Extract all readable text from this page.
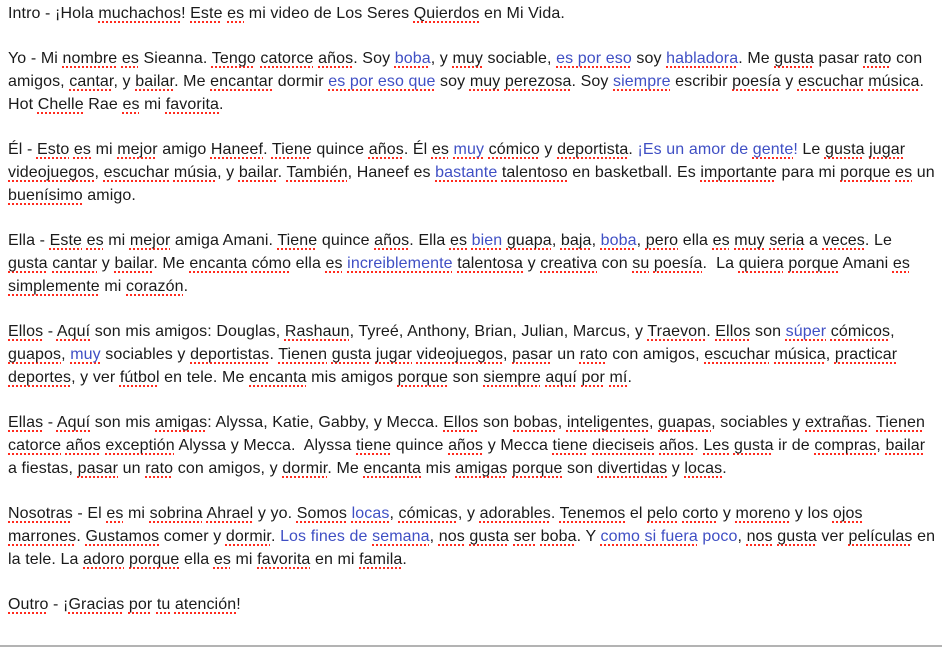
Intro - ¡Hola muchachos! Este es mi video de Los Seres Quierdos en Mi Vida.

Yo - Mi nombre es Sieanna. Tengo catorce años. Soy boba, y muy sociable, es por eso soy habladora. Me gusta pasar rato con amigos, cantar, y bailar. Me encantar dormir es por eso que soy muy perezosa. Soy siempre escribir poesía y escuchar música. Hot Chelle Rae es mi favorita.

Él - Esto es mi mejor amigo Haneef. Tiene quince años. Él es muy cómico y deportista. ¡Es un amor de gente! Le gusta jugar videojuegos, escuchar músia, y bailar. También, Haneef es bastante talentoso en basketball. Es importante para mi porque es un buenísimo amigo.

Ella - Este es mi mejor amiga Amani. Tiene quince años. Ella es bien guapa, baja, boba, pero ella es muy seria a veces. Le gusta cantar y bailar. Me encanta cómo ella es increiblemente talentosa y creativa con su poesía.  La quiera porque Amani es simplemente mi corazón.

Ellos - Aquí son mis amigos: Douglas, Rashaun, Tyreé, Anthony, Brian, Julian, Marcus, y Traevon. Ellos son súper cómicos, guapos, muy sociables y deportistas. Tienen gusta jugar videojuegos, pasar un rato con amigos, escuchar música, practicar deportes, y ver fútbol en tele. Me encanta mis amigos porque son siempre aquí por mí.

Ellas - Aquí son mis amigas: Alyssa, Katie, Gabby, y Mecca. Ellos son bobas, inteligentes, guapas, sociables y extrañas. Tienen catorce años exceptión Alyssa y Mecca.  Alyssa tiene quince años y Mecca tiene dieciseis años. Les gusta ir de compras, bailar a fiestas, pasar un rato con amigos, y dormir. Me encanta mis amigas porque son divertidas y locas.

Nosotras - El es mi sobrina Ahrael y yo. Somos locas, cómicas, y adorables. Tenemos el pelo corto y moreno y los ojos marrones. Gustamos comer y dormir. Los fines de semana, nos gusta ser boba. Y como si fuera poco, nos gusta ver películas en la tele. La adoro porque ella es mi favorita en mi famila.

Outro - ¡Gracias por tu atención!
